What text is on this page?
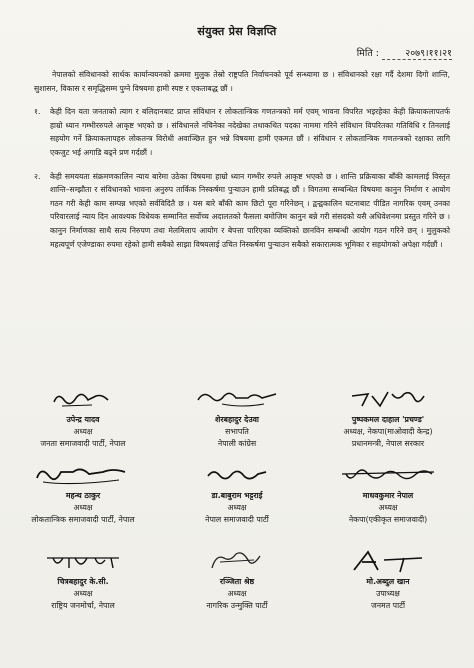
संयुक्त प्रेस विज्ञप्ति
मिति :	२०७९।११।२१

नेपालको संविधानको सार्थक कार्यान्वयनको क्रममा मुलुक तेस्रो राष्ट्रपति निर्वाचनको पूर्व सन्ध्यामा छ । संविधानको रक्षा गर्दै देशमा दिगो शान्ति, सुशासन, विकास र समृद्धिसम्म पुग्ने विषयमा हामी स्पष्ट र एकताबद्ध छौं ।

१.	केही दिन यता जनताको त्याग र बलिदानबाट प्राप्त संविधान र लोकतान्त्रिक गणतन्त्रको मर्म एवम् भावना विपरित भइरहेका केही क्रियाकलापतर्फ हाम्रो ध्यान गम्भीररुपले आकृष्ट भएको छ । संविधानले नचिनेका नदेखेका तथाकथित पदका नाममा गरिने संविधान विपरितका गतिविधि र तिनलाई सहयोग गर्ने क्रियाकलापहरु लोकतन्त्र विरोधी अवाञ्छित हुन भन्ने विषयमा हामी एकमत छौं । संविधान र लोकतान्त्रिक गणतन्त्रको रक्षाका लागि एकजुट भई अगाडि बढ्ने प्रण गर्दछौं ।
२.	केही समययता संक्रमणकालिन न्याय बारेमा उठेका विषयमा हाम्रो ध्यान गम्भीर रुपले आकृष्ट भएको छ । शान्ति प्रक्रियाका बाँकी कामलाई विस्तृत शान्ति–सम्झौता र संविधानको भावना अनुरुप तार्किक निस्कर्षमा पुऱ्याउन हामी प्रतिबद्ध छौं । विगतमा सम्बन्धित विषयमा कानुन निर्माण र आयोग गठन गरी केही काम सम्पन्न भएको सर्वविदितै छ । यस बारे बाँकी काम छिटो पूरा गरिनेछन् । द्वन्द्वकालिन घटनाबाट पीडित नागरिक एवम् उनका परिवारलाई न्याय दिन आवश्यक विधेयक सम्मानित सर्वोच्च अदालतको फैसला बमोजिम कानुन बन्ने गरी संसदको यसै अधिवेशनमा प्रस्तुत गरिने छ । कानुन निर्माणका साथै सत्य निरुपण तथा मेलमिलाप आयोग र बेपत्ता पारिएका व्यक्तिको छानविन सम्बन्धी आयोग गठन गरिने छन् । मुलुकको महत्वपूर्ण एजेण्डाका रुपमा रहेको हामी सबैको साझा विषयलाई उचित निस्कर्षमा पुऱ्याउन सबैको सकारात्मक भूमिका र सहयोगको अपेक्षा गर्दछौं ।
उपेन्द्र यादव
अध्यक्ष
जनता समाजवादी पार्टी, नेपाल
शेरबहादुर देउवा
सभापति
नेपाली कांग्रेस
पुष्पकमल दाहाल 'प्रचण्ड'
अध्यक्ष, नेकपा(माओवादी केन्द्र)
प्रधानमन्त्री, नेपाल सरकार
महन्थ ठाकुर
अध्यक्ष
लोकतान्त्रिक समाजवादी पार्टी, नेपाल
डा.बाबुराम भट्टराई
अध्यक्ष
नेपाल समाजवादी पार्टी
माधवकुमार नेपाल
अध्यक्ष
नेकपा(एकीकृत समाजवादी)
चित्रबहादुर के.सी.
अध्यक्ष
राष्ट्रिय जनमोर्चा, नेपाल
रञ्जिता श्रेष्ठ
अध्यक्ष
नागरिक उन्मुक्ति पार्टी
मो.अब्दुल खान
उपाध्यक्ष
जनमत पार्टी
